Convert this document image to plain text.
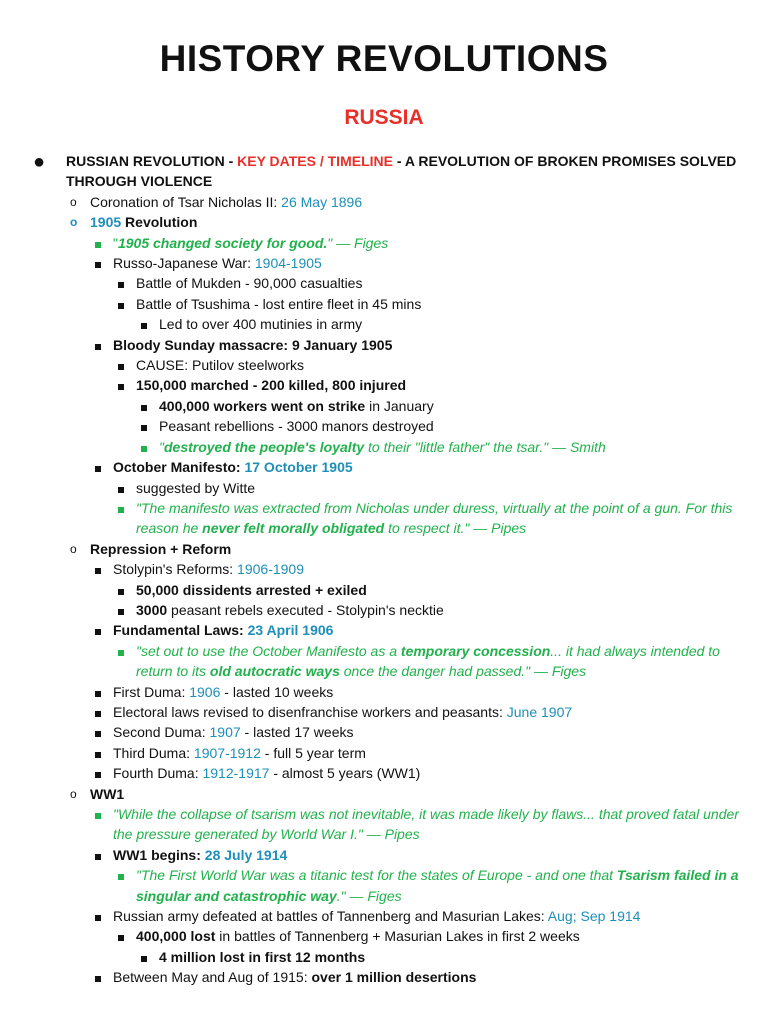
HISTORY REVOLUTIONS
RUSSIA
● RUSSIAN REVOLUTION - KEY DATES / TIMELINE - A REVOLUTION OF BROKEN PROMISES SOLVED THROUGH VIOLENCE
o Coronation of Tsar Nicholas II: 26 May 1896
o 1905 Revolution
"1905 changed society for good." — Figes
Russo-Japanese War: 1904-1905
Battle of Mukden - 90,000 casualties
Battle of Tsushima - lost entire fleet in 45 mins
Led to over 400 mutinies in army
Bloody Sunday massacre: 9 January 1905
CAUSE: Putilov steelworks
150,000 marched - 200 killed, 800 injured
400,000 workers went on strike in January
Peasant rebellions - 3000 manors destroyed
"destroyed the people's loyalty to their "little father" the tsar." — Smith
October Manifesto: 17 October 1905
suggested by Witte
"The manifesto was extracted from Nicholas under duress, virtually at the point of a gun. For this reason he never felt morally obligated to respect it." — Pipes
o Repression + Reform
Stolypin's Reforms: 1906-1909
50,000 dissidents arrested + exiled
3000 peasant rebels executed - Stolypin's necktie
Fundamental Laws: 23 April 1906
"set out to use the October Manifesto as a temporary concession... it had always intended to return to its old autocratic ways once the danger had passed." — Figes
First Duma: 1906 - lasted 10 weeks
Electoral laws revised to disenfranchise workers and peasants: June 1907
Second Duma: 1907 - lasted 17 weeks
Third Duma: 1907-1912 - full 5 year term
Fourth Duma: 1912-1917 - almost 5 years (WW1)
o WW1
"While the collapse of tsarism was not inevitable, it was made likely by flaws... that proved fatal under the pressure generated by World War I." — Pipes
WW1 begins: 28 July 1914
"The First World War was a titanic test for the states of Europe - and one that Tsarism failed in a singular and catastrophic way." — Figes
Russian army defeated at battles of Tannenberg and Masurian Lakes: Aug; Sep 1914
400,000 lost in battles of Tannenberg + Masurian Lakes in first 2 weeks
4 million lost in first 12 months
Between May and Aug of 1915: over 1 million desertions
